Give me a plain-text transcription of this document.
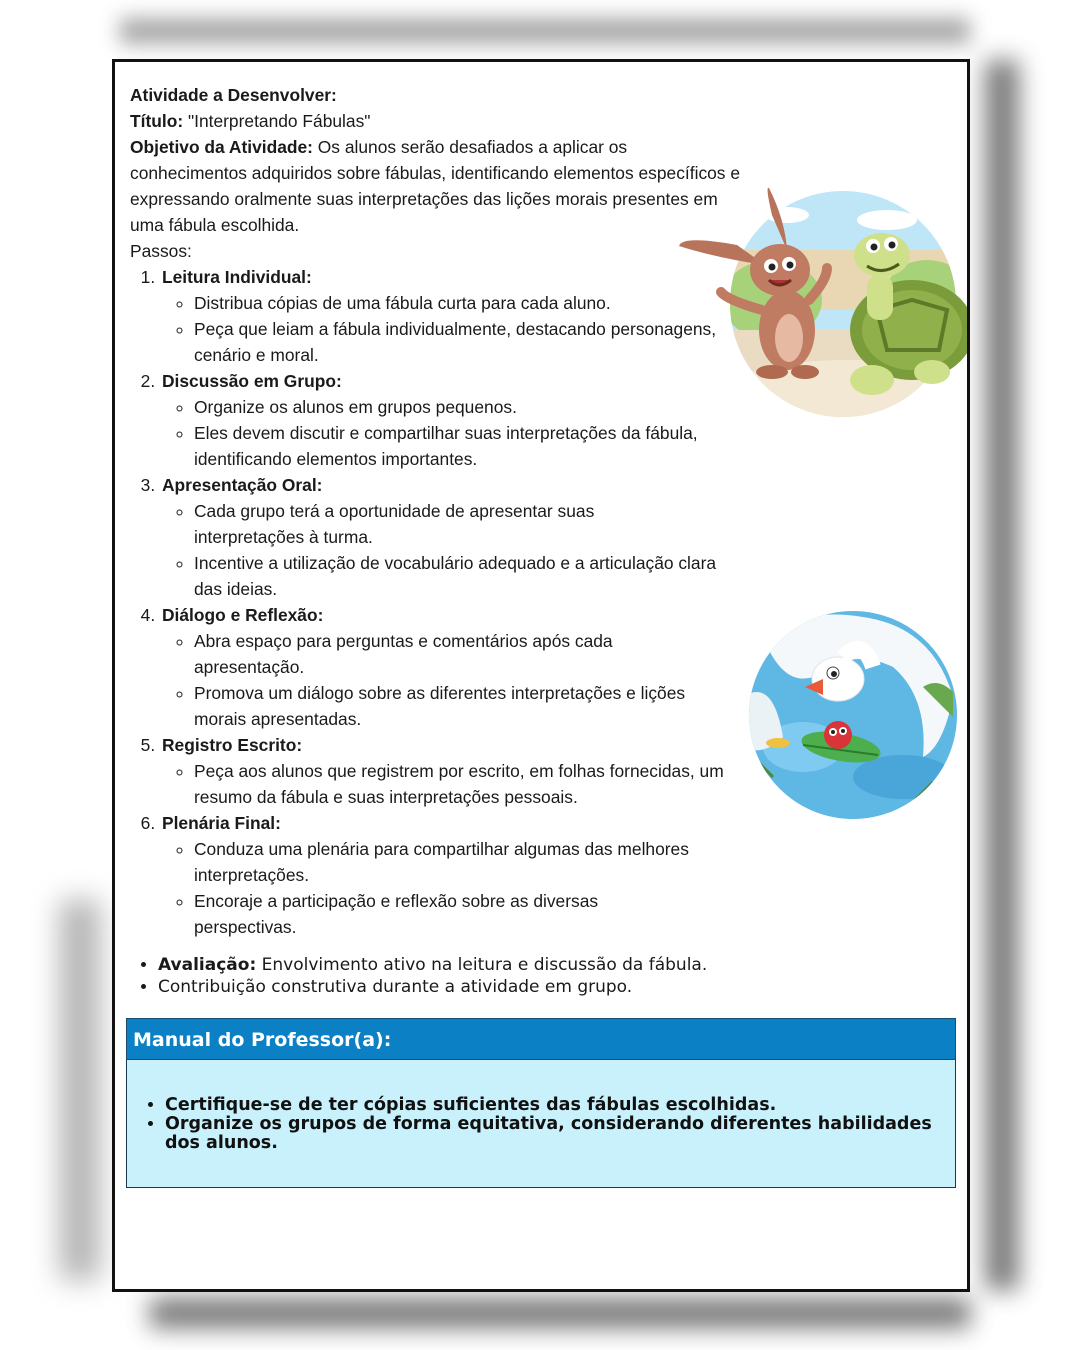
Atividade a Desenvolver:

Título: "Interpretando Fábulas"

Objetivo da Atividade: Os alunos serão desafiados a aplicar os conhecimentos adquiridos sobre fábulas, identificando elementos específicos e expressando oralmente suas interpretações das lições morais presentes em uma fábula escolhida.

Passos:

1. Leitura Individual:
◦ Distribua cópias de uma fábula curta para cada aluno.
◦ Peça que leiam a fábula individualmente, destacando personagens, cenário e moral.
2. Discussão em Grupo:
◦ Organize os alunos em grupos pequenos.
◦ Eles devem discutir e compartilhar suas interpretações da fábula, identificando elementos importantes.
3. Apresentação Oral:
◦ Cada grupo terá a oportunidade de apresentar suas interpretações à turma.
◦ Incentive a utilização de vocabulário adequado e a articulação clara das ideias.
4. Diálogo e Reflexão:
◦ Abra espaço para perguntas e comentários após cada apresentação.
◦ Promova um diálogo sobre as diferentes interpretações e lições morais apresentadas.
5. Registro Escrito:
◦ Peça aos alunos que registrem por escrito, em folhas fornecidas, um resumo da fábula e suas interpretações pessoais.
6. Plenária Final:
◦ Conduza uma plenária para compartilhar algumas das melhores interpretações.
◦ Encoraje a participação e reflexão sobre as diversas perspectivas.
• Avaliação: Envolvimento ativo na leitura e discussão da fábula.
• Contribuição construtiva durante a atividade em grupo.
Manual do Professor(a):
• Certifique-se de ter cópias suficientes das fábulas escolhidas.
• Organize os grupos de forma equitativa, considerando diferentes habilidades dos alunos.
